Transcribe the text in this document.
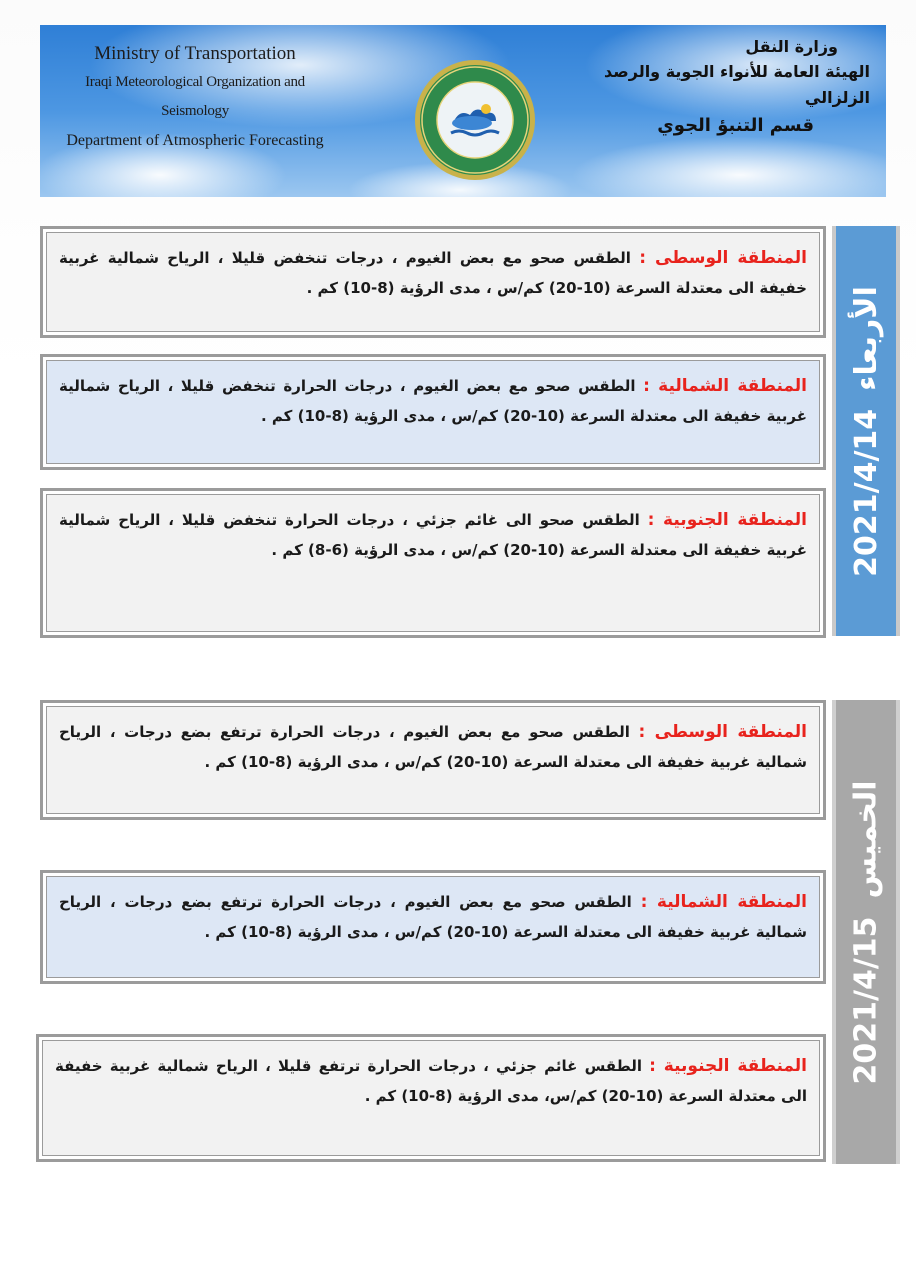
Ministry of Transportation
Iraqi Meteorological Organization and Seismology
Department of Atmospheric Forecasting
وزارة النقل
الهيئة العامة للأنواء الجوية والرصد الزلزالي
قسم التنبؤ الجوي
2021/4/14
الأربعاء
المنطقة الوسطى : الطقس صحو مع بعض الغيوم ، درجات تنخفض قليلا ، الرياح شمالية غربية خفيفة الى معتدلة السرعة (10-20) كم/س ، مدى الرؤية (8-10) كم .
المنطقة الشمالية : الطقس صحو مع بعض الغيوم ، درجات الحرارة تنخفض قليلا ، الرياح شمالية غربية خفيفة الى معتدلة السرعة (10-20) كم/س ، مدى الرؤية (8-10) كم .
المنطقة الجنوبية : الطقس صحو الى غائم جزئي ، درجات الحرارة تنخفض قليلا ، الرياح شمالية غربية خفيفة الى معتدلة السرعة (10-20) كم/س ، مدى الرؤية (6-8) كم .
2021/4/15
الخميس
المنطقة الوسطى : الطقس صحو مع بعض الغيوم ، درجات الحرارة ترتفع بضع درجات ، الرياح شمالية غربية خفيفة الى معتدلة السرعة (10-20) كم/س ، مدى الرؤية (8-10) كم .
المنطقة الشمالية : الطقس صحو مع بعض الغيوم ، درجات الحرارة ترتفع بضع درجات ، الرياح شمالية غربية خفيفة الى معتدلة السرعة (10-20) كم/س ، مدى الرؤية (8-10) كم .
المنطقة الجنوبية : الطقس غائم جزئي ، درجات الحرارة ترتفع قليلا ، الرياح شمالية غربية خفيفة الى معتدلة السرعة (10-20) كم/س، مدى الرؤية (8-10) كم .
